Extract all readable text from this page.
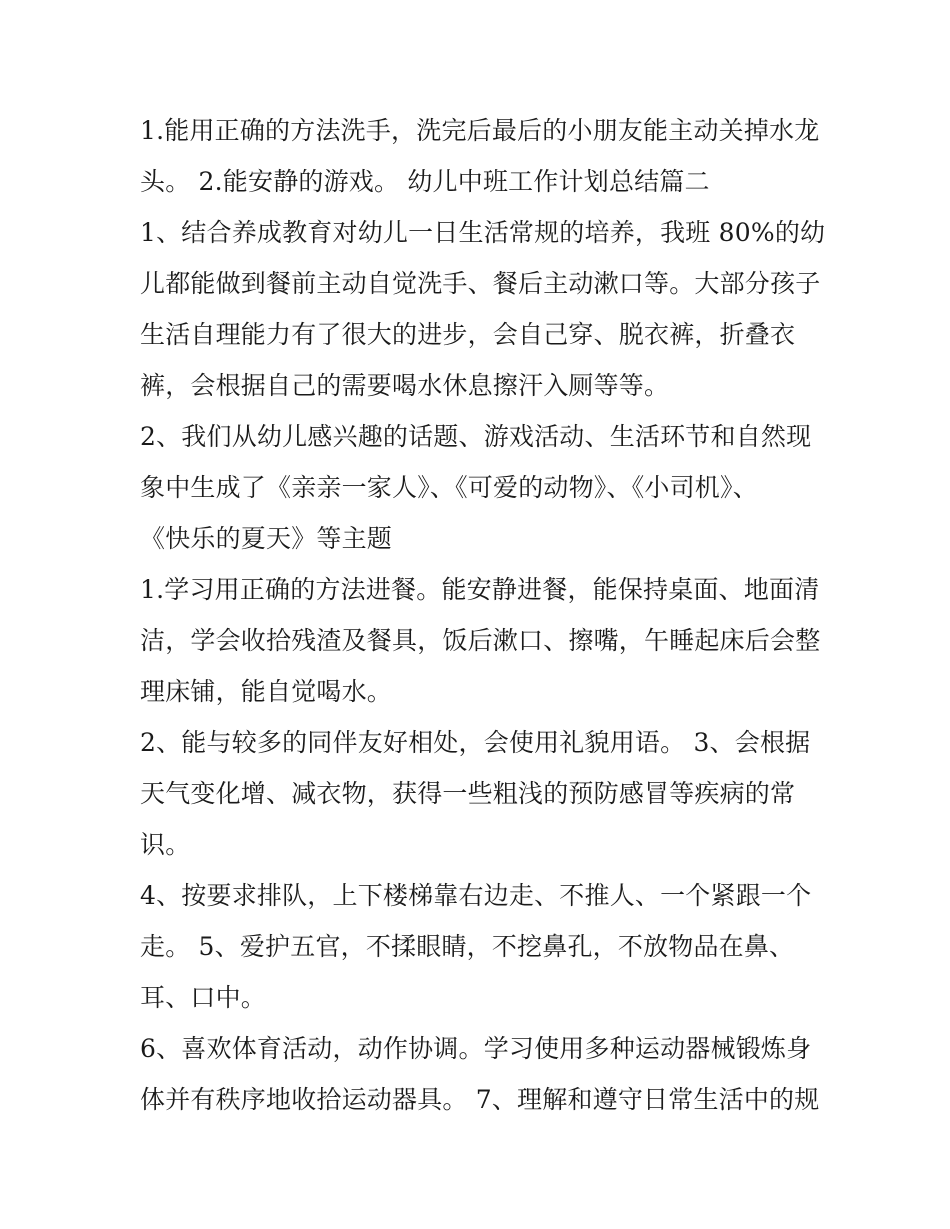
1.能用正确的方法洗手，洗完后最后的小朋友能主动关掉水龙
头。 2.能安静的游戏。 幼儿中班工作计划总结篇二
1、结合养成教育对幼儿一日生活常规的培养，我班 80%的幼
儿都能做到餐前主动自觉洗手、餐后主动漱口等。大部分孩子
生活自理能力有了很大的进步，会自己穿、脱衣裤，折叠衣
裤，会根据自己的需要喝水休息擦汗入厕等等。
2、我们从幼儿感兴趣的话题、游戏活动、生活环节和自然现
象中生成了《亲亲一家人》、《可爱的动物》、《小司机》、
《快乐的夏天》等主题
1.学习用正确的方法进餐。能安静进餐，能保持桌面、地面清
洁，学会收拾残渣及餐具，饭后漱口、擦嘴，午睡起床后会整
理床铺，能自觉喝水。
2、能与较多的同伴友好相处，会使用礼貌用语。 3、会根据
天气变化增、减衣物，获得一些粗浅的预防感冒等疾病的常
识。
4、按要求排队，上下楼梯靠右边走、不推人、一个紧跟一个
走。 5、爱护五官，不揉眼睛，不挖鼻孔，不放物品在鼻、
耳、口中。
6、喜欢体育活动，动作协调。学习使用多种运动器械锻炼身
体并有秩序地收拾运动器具。 7、理解和遵守日常生活中的规
